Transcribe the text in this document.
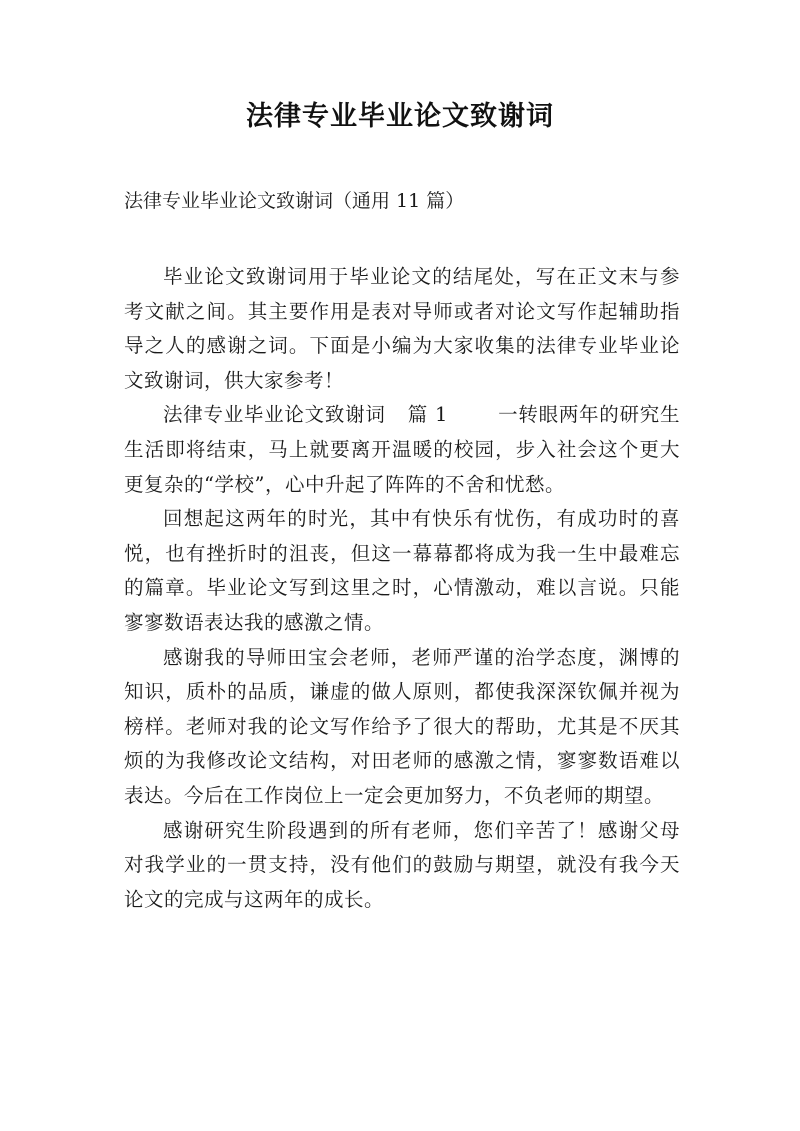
法律专业毕业论文致谢词
法律专业毕业论文致谢词（通用 11 篇）

毕业论文致谢词用于毕业论文的结尾处，写在正文末与参考文献之间。其主要作用是表对导师或者对论文写作起辅助指导之人的感谢之词。下面是小编为大家收集的法律专业毕业论文致谢词，供大家参考！

法律专业毕业论文致谢词 篇 1	一转眼两年的研究生生活即将结束，马上就要离开温暖的校园，步入社会这个更大更复杂的“学校”，心中升起了阵阵的不舍和忧愁。

回想起这两年的时光，其中有快乐有忧伤，有成功时的喜悦，也有挫折时的沮丧，但这一幕幕都将成为我一生中最难忘的篇章。毕业论文写到这里之时，心情激动，难以言说。只能寥寥数语表达我的感激之情。

感谢我的导师田宝会老师，老师严谨的治学态度，渊博的知识，质朴的品质，谦虚的做人原则，都使我深深钦佩并视为榜样。老师对我的论文写作给予了很大的帮助，尤其是不厌其烦的为我修改论文结构，对田老师的感激之情，寥寥数语难以表达。今后在工作岗位上一定会更加努力，不负老师的期望。

感谢研究生阶段遇到的所有老师，您们辛苦了！感谢父母对我学业的一贯支持，没有他们的鼓励与期望，就没有我今天论文的完成与这两年的成长。
